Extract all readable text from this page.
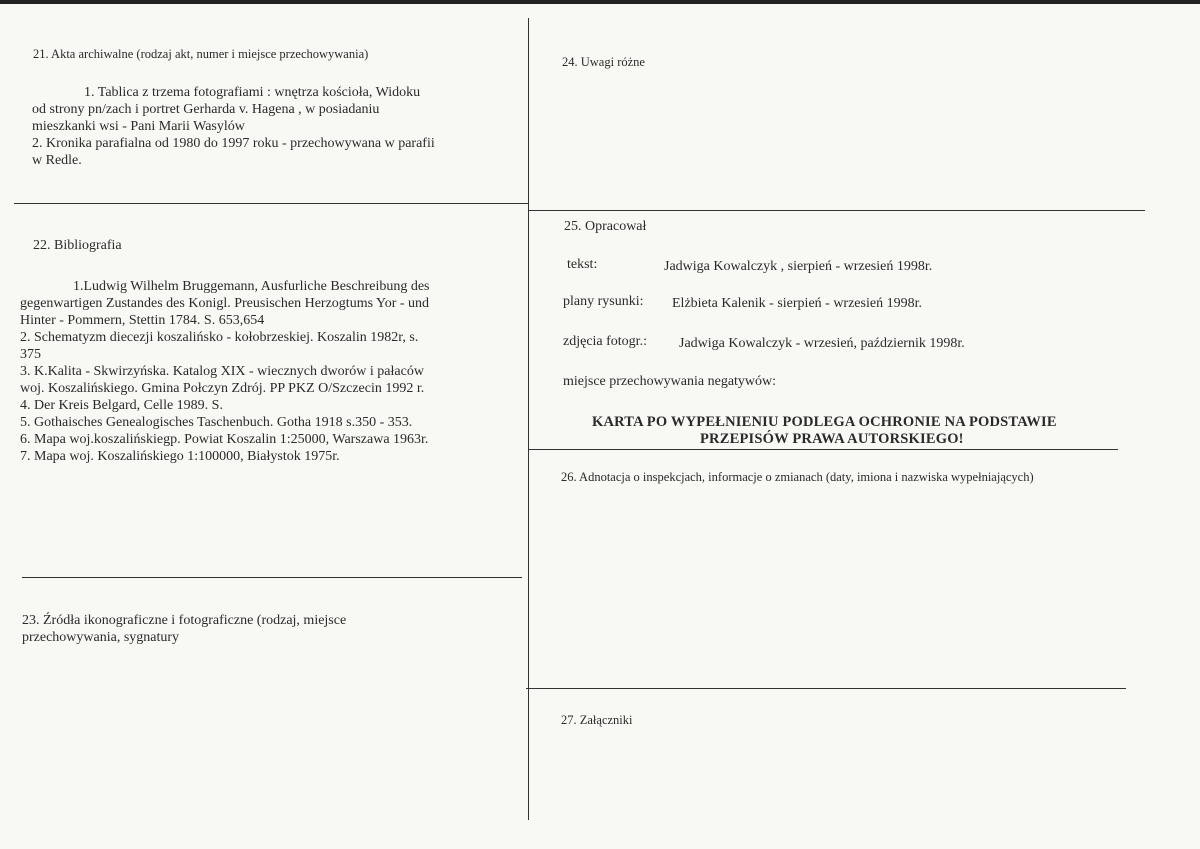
21. Akta archiwalne (rodzaj akt, numer i miejsce przechowywania)
1. Tablica z trzema fotografiami : wnętrza kościoła, Widoku
od strony pn/zach i portret Gerharda v. Hagena , w posiadaniu
mieszkanki wsi - Pani Marii Wasylów
2. Kronika parafialna od 1980 do 1997 roku - przechowywana w parafii
w Redle.
22. Bibliografia
1.Ludwig Wilhelm Bruggemann, Ausfurliche Beschreibung des
gegenwartigen Zustandes des Konigl. Preusischen Herzogtums Yor - und
Hinter - Pommern, Stettin 1784. S. 653,654
2. Schematyzm diecezji koszalińsko - kołobrzeskiej. Koszalin 1982r, s.
375
3. K.Kalita - Skwirzyńska. Katalog XIX - wiecznych dworów i pałaców
woj. Koszalińskiego. Gmina Połczyn Zdrój. PP PKZ O/Szczecin 1992 r.
4. Der Kreis Belgard, Celle 1989. S.
5. Gothaisches Genealogisches Taschenbuch. Gotha 1918 s.350 - 353.
6. Mapa woj.koszalińskiegp. Powiat Koszalin 1:25000, Warszawa 1963r.
7. Mapa woj. Koszalińskiego 1:100000, Białystok 1975r.
23. Źródła ikonograficzne i fotograficzne (rodzaj, miejsce
przechowywania, sygnatury
24. Uwagi różne
25. Opracował
tekst:	Jadwiga Kowalczyk , sierpień - wrzesień 1998r.
plany rysunki: Elżbieta Kalenik - sierpień - wrzesień 1998r.
zdjęcia fotogr.: Jadwiga Kowalczyk - wrzesień, październik 1998r.
miejsce przechowywania negatywów:
KARTA PO WYPEŁNIENIU PODLEGA OCHRONIE NA PODSTAWIE
PRZEPISÓW PRAWA AUTORSKIEGO!
26. Adnotacja o inspekcjach, informacje o zmianach (daty, imiona i nazwiska wypełniających)
27. Załączniki
